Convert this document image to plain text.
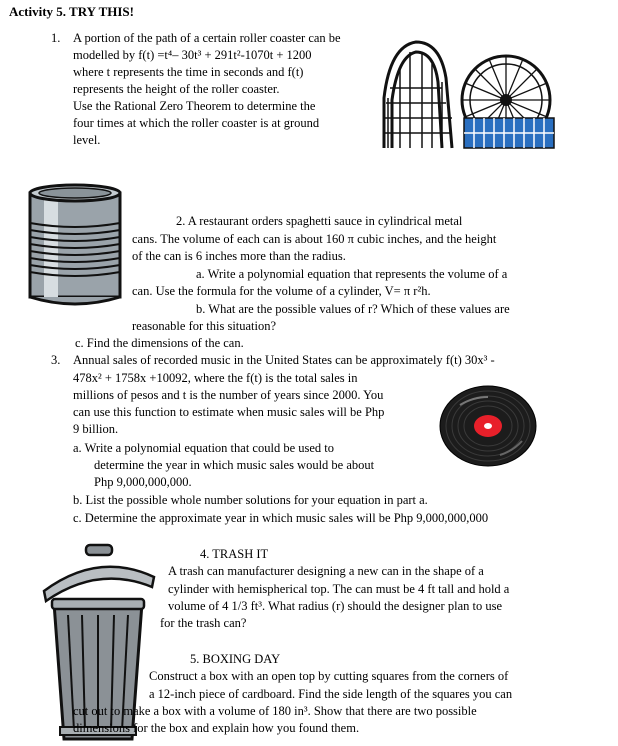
Activity 5. TRY THIS!
1. A portion of the path of a certain roller coaster can be
modelled by f(t) =t⁴– 30t³ + 291t²-1070t + 1200
where t represents the time in seconds and f(t)
represents the height of the roller coaster.
Use the Rational Zero Theorem to determine the
four times at which the roller coaster is at ground
level.
2. A restaurant orders spaghetti sauce in cylindrical metal
cans. The volume of each can is about 160 π cubic inches, and the height
of the can is 6 inches more than the radius.
a. Write a polynomial equation that represents the volume of a
can. Use the formula for the volume of a cylinder, V= π r²h.
b. What are the possible values of r? Which of these values are
reasonable for this situation?
c. Find the dimensions of the can.
3. Annual sales of recorded music in the United States can be approximately f(t) 30x³ -
478x² + 1758x +10092, where the f(t) is the total sales in
millions of pesos and t is the number of years since 2000. You
can use this function to estimate when music sales will be Php
9 billion.
a. Write a polynomial equation that could be used to
determine the year in which music sales would be about
Php 9,000,000,000.
b. List the possible whole number solutions for your equation in part a.
c. Determine the approximate year in which music sales will be Php 9,000,000,000
4. TRASH IT
A trash can manufacturer designing a new can in the shape of a
cylinder with hemispherical top. The can must be 4 ft tall and hold a
volume of 4 1/3 ft³. What radius (r) should the designer plan to use
for the trash can?
5. BOXING DAY
Construct a box with an open top by cutting squares from the corners of
a 12-inch piece of cardboard. Find the side length of the squares you can
cut out to make a box with a volume of 180 in³. Show that there are two possible
dimensions for the box and explain how you found them.
